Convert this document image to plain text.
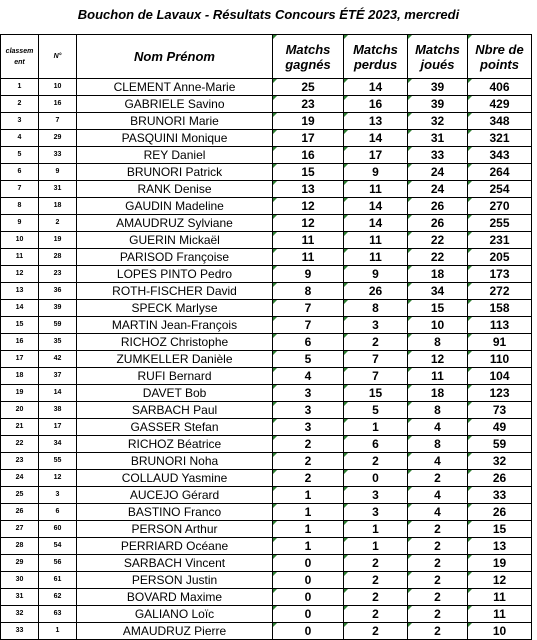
Bouchon de Lavaux - Résultats Concours ÉTÉ 2023, mercredi
classem ent	N°	Nom Prénom	Matchs gagnés	Matchs perdus	Matchs joués	Nbre de points
1	10	CLEMENT Anne-Marie	25	14	39	406
2	16	GABRIELE Savino	23	16	39	429
3	7	BRUNORI Marie	19	13	32	348
4	29	PASQUINI Monique	17	14	31	321
5	33	REY Daniel	16	17	33	343
6	9	BRUNORI Patrick	15	9	24	264
7	31	RANK Denise	13	11	24	254
8	18	GAUDIN Madeline	12	14	26	270
9	2	AMAUDRUZ Sylviane	12	14	26	255
10	19	GUERIN Mickaël	11	11	22	231
11	28	PARISOD Françoise	11	11	22	205
12	23	LOPES PINTO Pedro	9	9	18	173
13	36	ROTH-FISCHER David	8	26	34	272
14	39	SPECK Marlyse	7	8	15	158
15	59	MARTIN Jean-François	7	3	10	113
16	35	RICHOZ Christophe	6	2	8	91
17	42	ZUMKELLER Danièle	5	7	12	110
18	37	RUFI Bernard	4	7	11	104
19	14	DAVET Bob	3	15	18	123
20	38	SARBACH Paul	3	5	8	73
21	17	GASSER Stefan	3	1	4	49
22	34	RICHOZ Béatrice	2	6	8	59
23	55	BRUNORI Noha	2	2	4	32
24	12	COLLAUD Yasmine	2	0	2	26
25	3	AUCEJO Gérard	1	3	4	33
26	6	BASTINO Franco	1	3	4	26
27	60	PERSON Arthur	1	1	2	15
28	54	PERRIARD Océane	1	1	2	13
29	56	SARBACH Vincent	0	2	2	19
30	61	PERSON Justin	0	2	2	12
31	62	BOVARD Maxime	0	2	2	11
32	63	GALIANO Loïc	0	2	2	11
33	1	AMAUDRUZ Pierre	0	2	2	10
